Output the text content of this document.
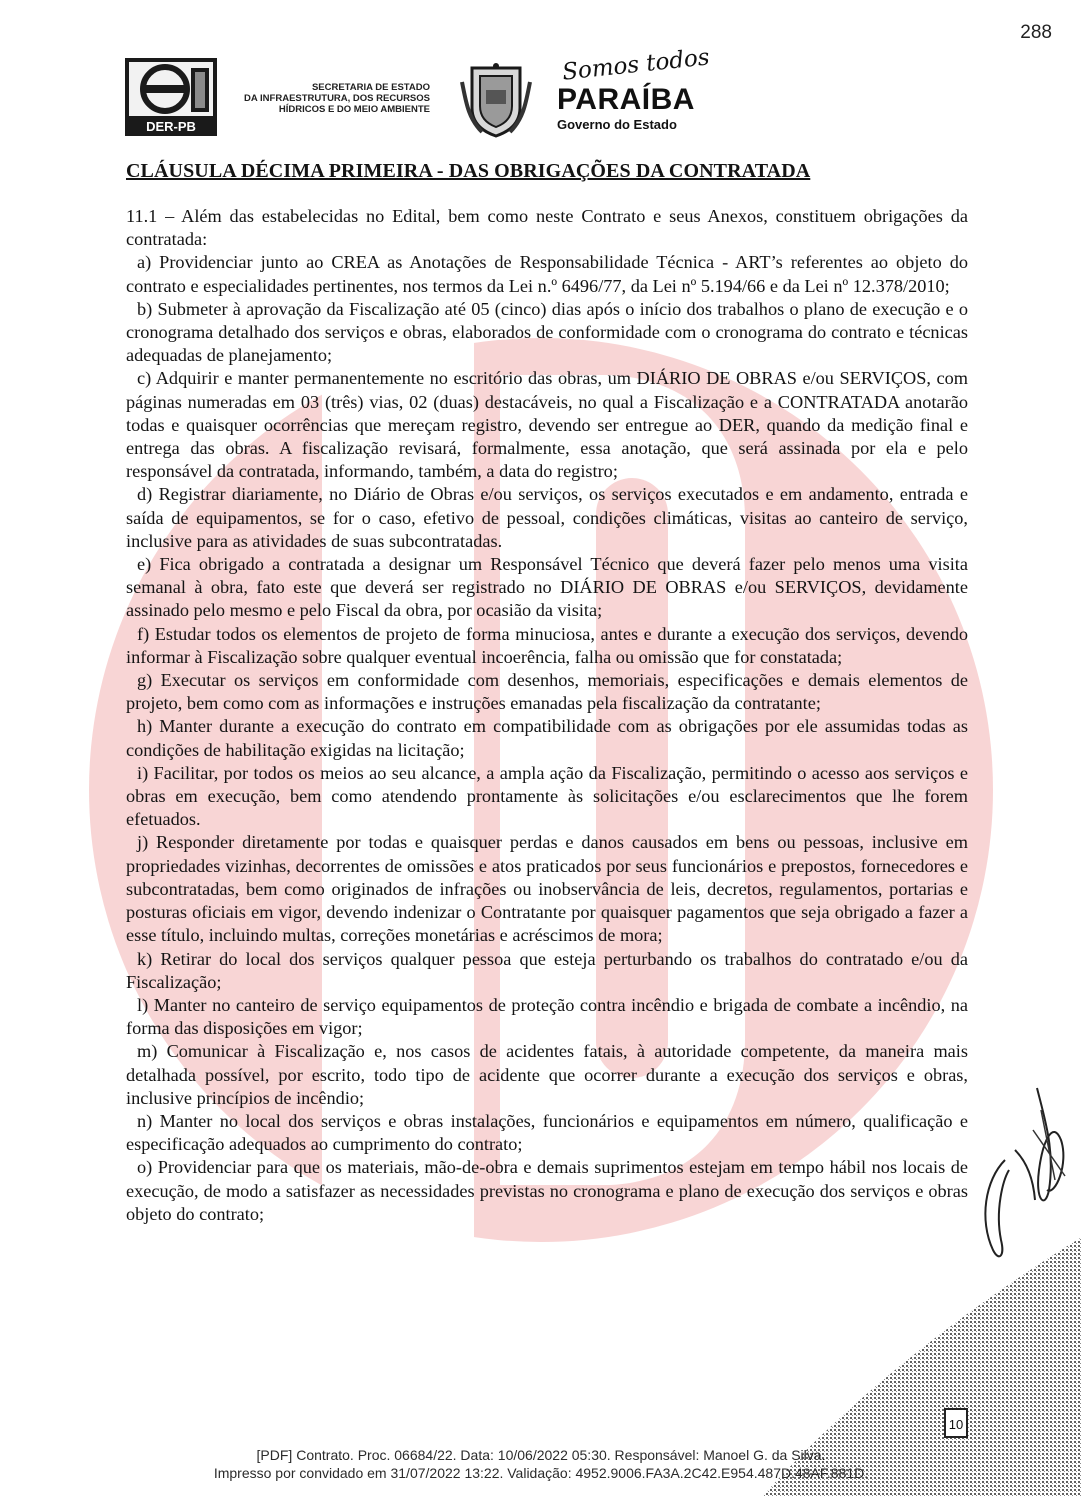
288
DER-PB
SECRETARIA DE ESTADO
DA INFRAESTRUTURA, DOS RECURSOS
HÍDRICOS E DO MEIO AMBIENTE
Somos todos
PARAÍBA
Governo do Estado
CLÁUSULA DÉCIMA PRIMEIRA - DAS OBRIGAÇÕES DA CONTRATADA

11.1 – Além das estabelecidas no Edital, bem como neste Contrato e seus Anexos, constituem obrigações da contratada:

a) Providenciar junto ao CREA as Anotações de Responsabilidade Técnica - ART’s referentes ao objeto do contrato e especialidades pertinentes, nos termos da Lei n.º 6496/77, da Lei nº 5.194/66 e da Lei nº 12.378/2010;

b) Submeter à aprovação da Fiscalização até 05 (cinco) dias após o início dos trabalhos o plano de execução e o cronograma detalhado dos serviços e obras, elaborados de conformidade com o cronograma do contrato e técnicas adequadas de planejamento;

c) Adquirir e manter permanentemente no escritório das obras, um DIÁRIO DE OBRAS e/ou SERVIÇOS, com páginas numeradas em 03 (três) vias, 02 (duas) destacáveis, no qual a Fiscalização e a CONTRATADA anotarão todas e quaisquer ocorrências que mereçam registro, devendo ser entregue ao DER, quando da medição final e entrega das obras. A fiscalização revisará, formalmente, essa anotação, que será assinada por ela e pelo responsável da contratada, informando, também, a data do registro;

d) Registrar diariamente, no Diário de Obras e/ou serviços, os serviços executados e em andamento, entrada e saída de equipamentos, se for o caso, efetivo de pessoal, condições climáticas, visitas ao canteiro de serviço, inclusive para as atividades de suas subcontratadas.

e) Fica obrigado a contratada a designar um Responsável Técnico que deverá fazer pelo menos uma visita semanal à obra, fato este que deverá ser registrado no DIÁRIO DE OBRAS e/ou SERVIÇOS, devidamente assinado pelo mesmo e pelo Fiscal da obra, por ocasião da visita;

f) Estudar todos os elementos de projeto de forma minuciosa, antes e durante a execução dos serviços, devendo informar à Fiscalização sobre qualquer eventual incoerência, falha ou omissão que for constatada;

g) Executar os serviços em conformidade com desenhos, memoriais, especificações e demais elementos de projeto, bem como com as informações e instruções emanadas pela fiscalização da contratante;

h) Manter durante a execução do contrato em compatibilidade com as obrigações por ele assumidas todas as condições de habilitação exigidas na licitação;

i) Facilitar, por todos os meios ao seu alcance, a ampla ação da Fiscalização, permitindo o acesso aos serviços e obras em execução, bem como atendendo prontamente às solicitações e/ou esclarecimentos que lhe forem efetuados.

j) Responder diretamente por todas e quaisquer perdas e danos causados em bens ou pessoas, inclusive em propriedades vizinhas, decorrentes de omissões e atos praticados por seus funcionários e prepostos, fornecedores e subcontratadas, bem como originados de infrações ou inobservância de leis, decretos, regulamentos, portarias e posturas oficiais em vigor, devendo indenizar o Contratante por quaisquer pagamentos que seja obrigado a fazer a esse título, incluindo multas, correções monetárias e acréscimos de mora;

k) Retirar do local dos serviços qualquer pessoa que esteja perturbando os trabalhos do contratado e/ou da Fiscalização;

l) Manter no canteiro de serviço equipamentos de proteção contra incêndio e brigada de combate a incêndio, na forma das disposições em vigor;

m) Comunicar à Fiscalização e, nos casos de acidentes fatais, à autoridade competente, da maneira mais detalhada possível, por escrito, todo tipo de acidente que ocorrer durante a execução dos serviços e obras, inclusive princípios de incêndio;

n) Manter no local dos serviços e obras instalações, funcionários e equipamentos em número, qualificação e especificação adequados ao cumprimento do contrato;

o) Providenciar para que os materiais, mão-de-obra e demais suprimentos estejam em tempo hábil nos locais de execução, de modo a satisfazer as necessidades previstas no cronograma e plano de execução dos serviços e obras objeto do contrato;

10
[PDF] Contrato. Proc. 06684/22. Data: 10/06/2022 05:30. Responsável: Manoel G. da Silva.
Impresso por convidado em 31/07/2022 13:22. Validação: 4952.9006.FA3A.2C42.E954.487D.48AF.881D.
